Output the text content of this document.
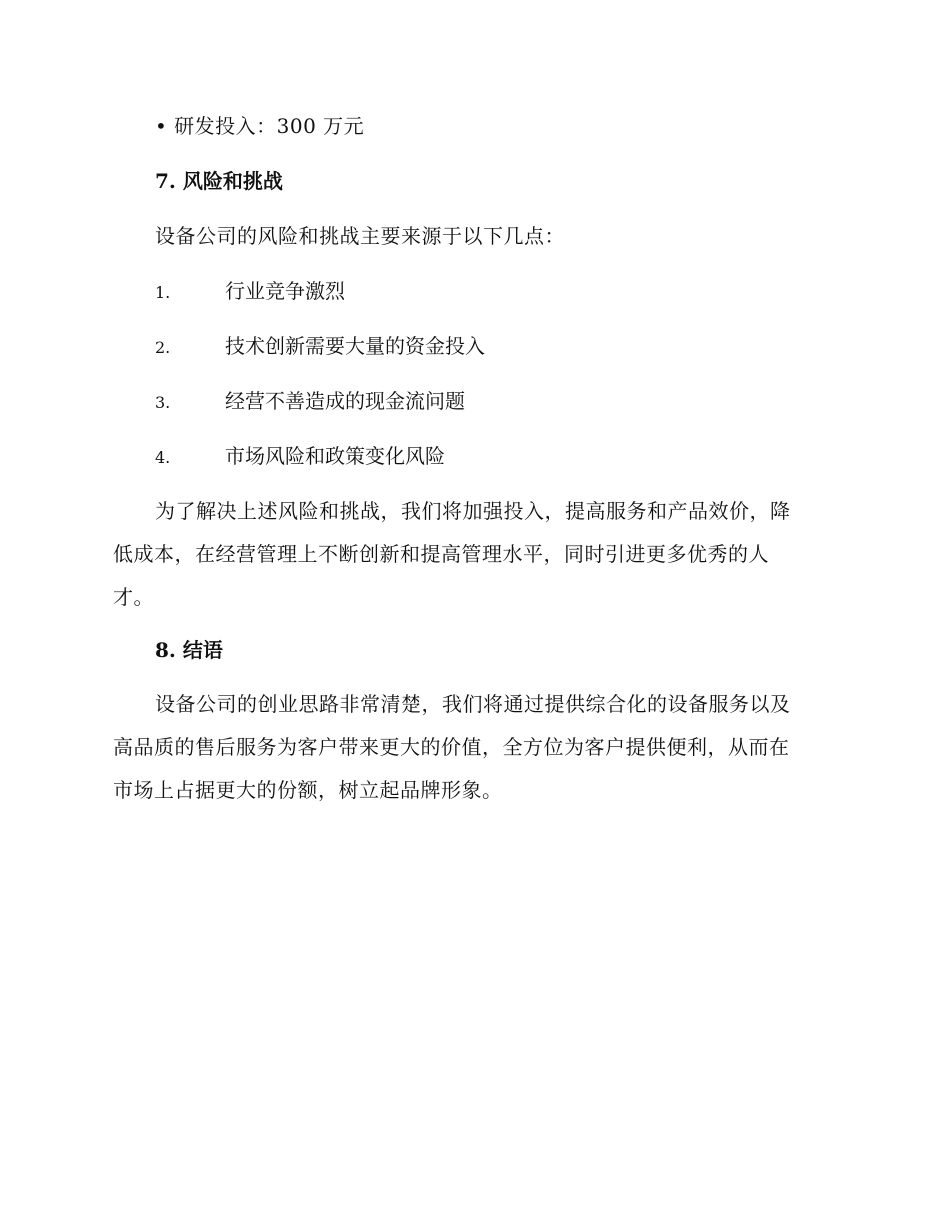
• 研发投入：300 万元
7. 风险和挑战
设备公司的风险和挑战主要来源于以下几点：
1.	行业竞争激烈
2.	技术创新需要大量的资金投入
3.	经营不善造成的现金流问题
4.	市场风险和政策变化风险
为了解决上述风险和挑战，我们将加强投入，提高服务和产品效价，降
低成本，在经营管理上不断创新和提高管理水平，同时引进更多优秀的人
才。
8. 结语
设备公司的创业思路非常清楚，我们将通过提供综合化的设备服务以及
高品质的售后服务为客户带来更大的价值，全方位为客户提供便利，从而在
市场上占据更大的份额，树立起品牌形象。
